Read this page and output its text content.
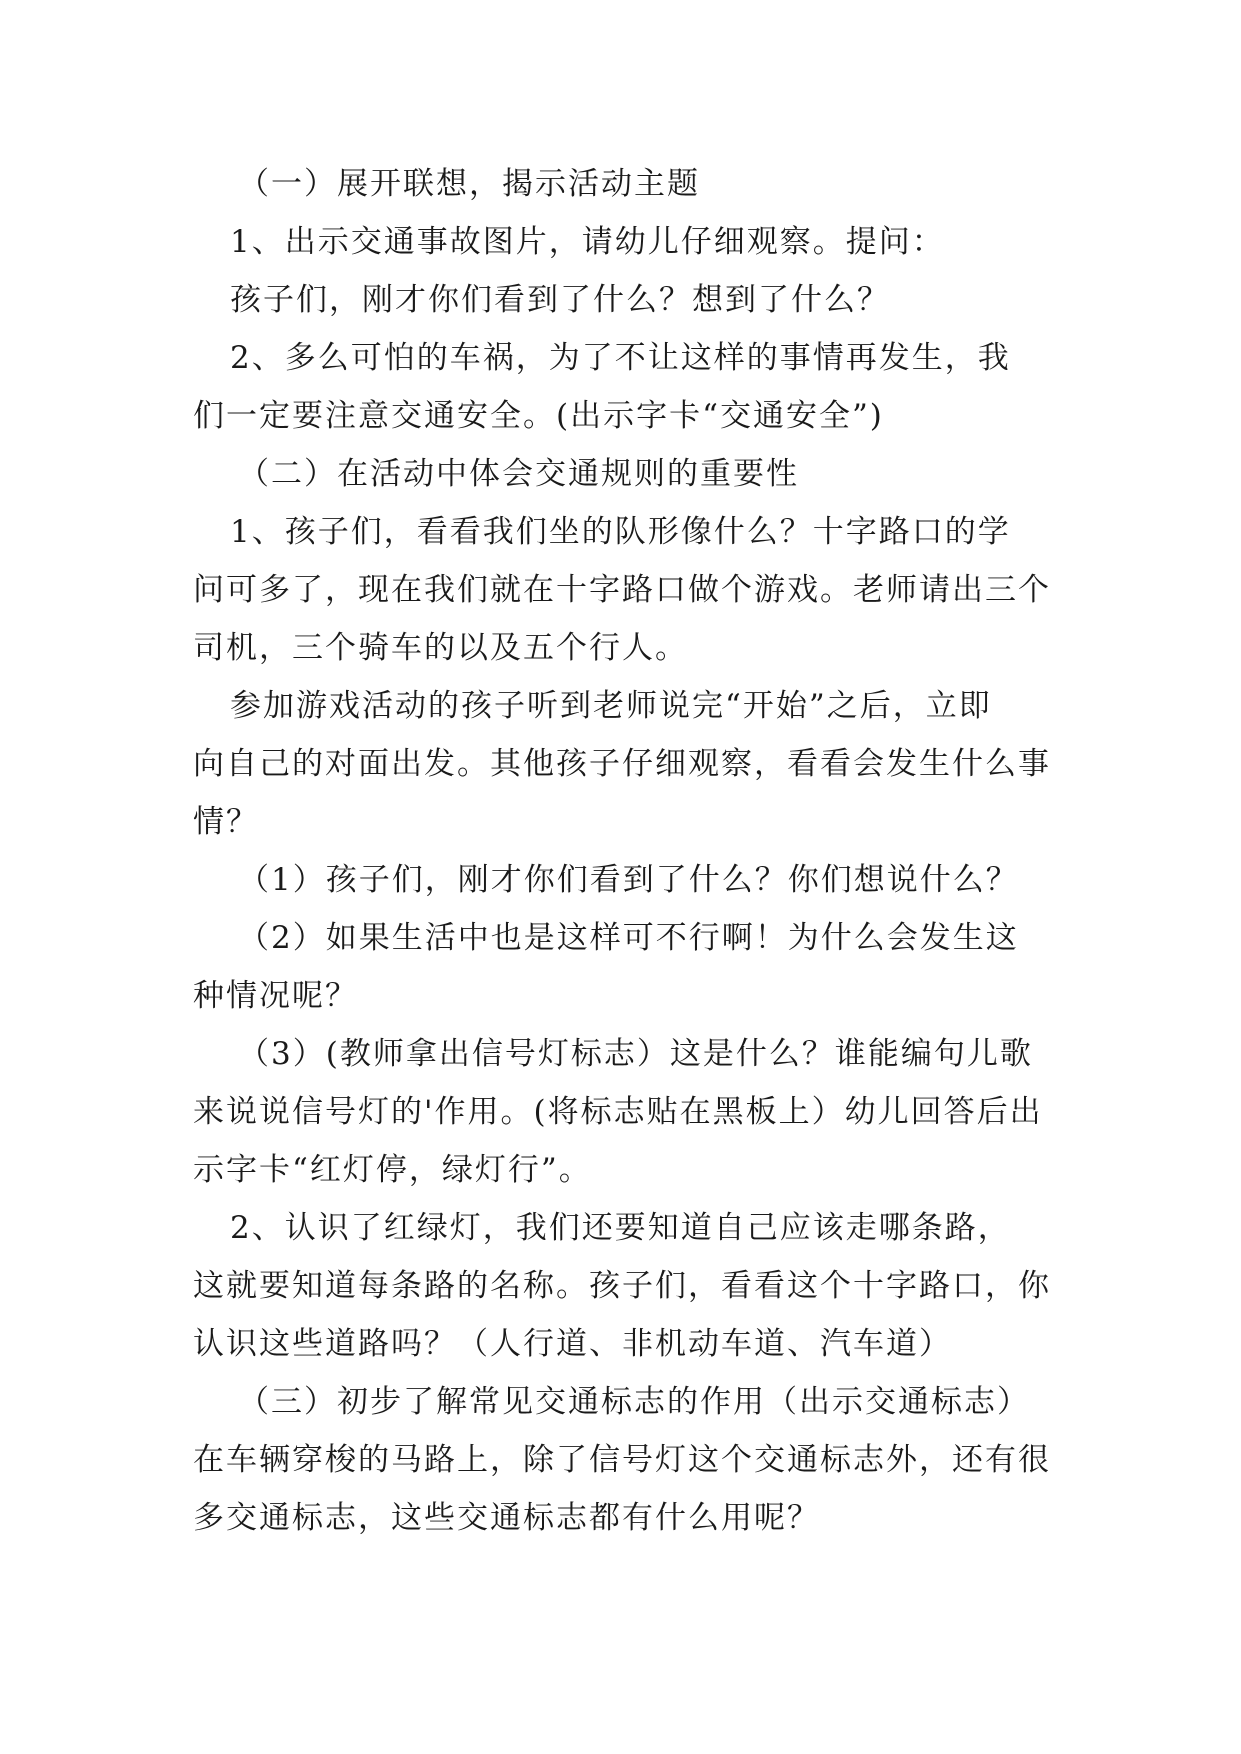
（一）展开联想，揭示活动主题
1、出示交通事故图片，请幼儿仔细观察。提问：
孩子们，刚才你们看到了什么？想到了什么？
2、多么可怕的车祸，为了不让这样的事情再发生，我
们一定要注意交通安全。(出示字卡“交通安全”)
（二）在活动中体会交通规则的重要性
1、孩子们，看看我们坐的队形像什么？十字路口的学
问可多了，现在我们就在十字路口做个游戏。老师请出三个
司机，三个骑车的以及五个行人。
参加游戏活动的孩子听到老师说完“开始”之后，立即
向自己的对面出发。其他孩子仔细观察，看看会发生什么事
情？
（1）孩子们，刚才你们看到了什么？你们想说什么？
（2）如果生活中也是这样可不行啊！为什么会发生这
种情况呢？
（3）(教师拿出信号灯标志）这是什么？谁能编句儿歌
来说说信号灯的'作用。(将标志贴在黑板上）幼儿回答后出
示字卡“红灯停，绿灯行”。
2、认识了红绿灯，我们还要知道自己应该走哪条路，
这就要知道每条路的名称。孩子们，看看这个十字路口，你
认识这些道路吗？（人行道、非机动车道、汽车道）
（三）初步了解常见交通标志的作用（出示交通标志）
在车辆穿梭的马路上，除了信号灯这个交通标志外，还有很
多交通标志，这些交通标志都有什么用呢？
